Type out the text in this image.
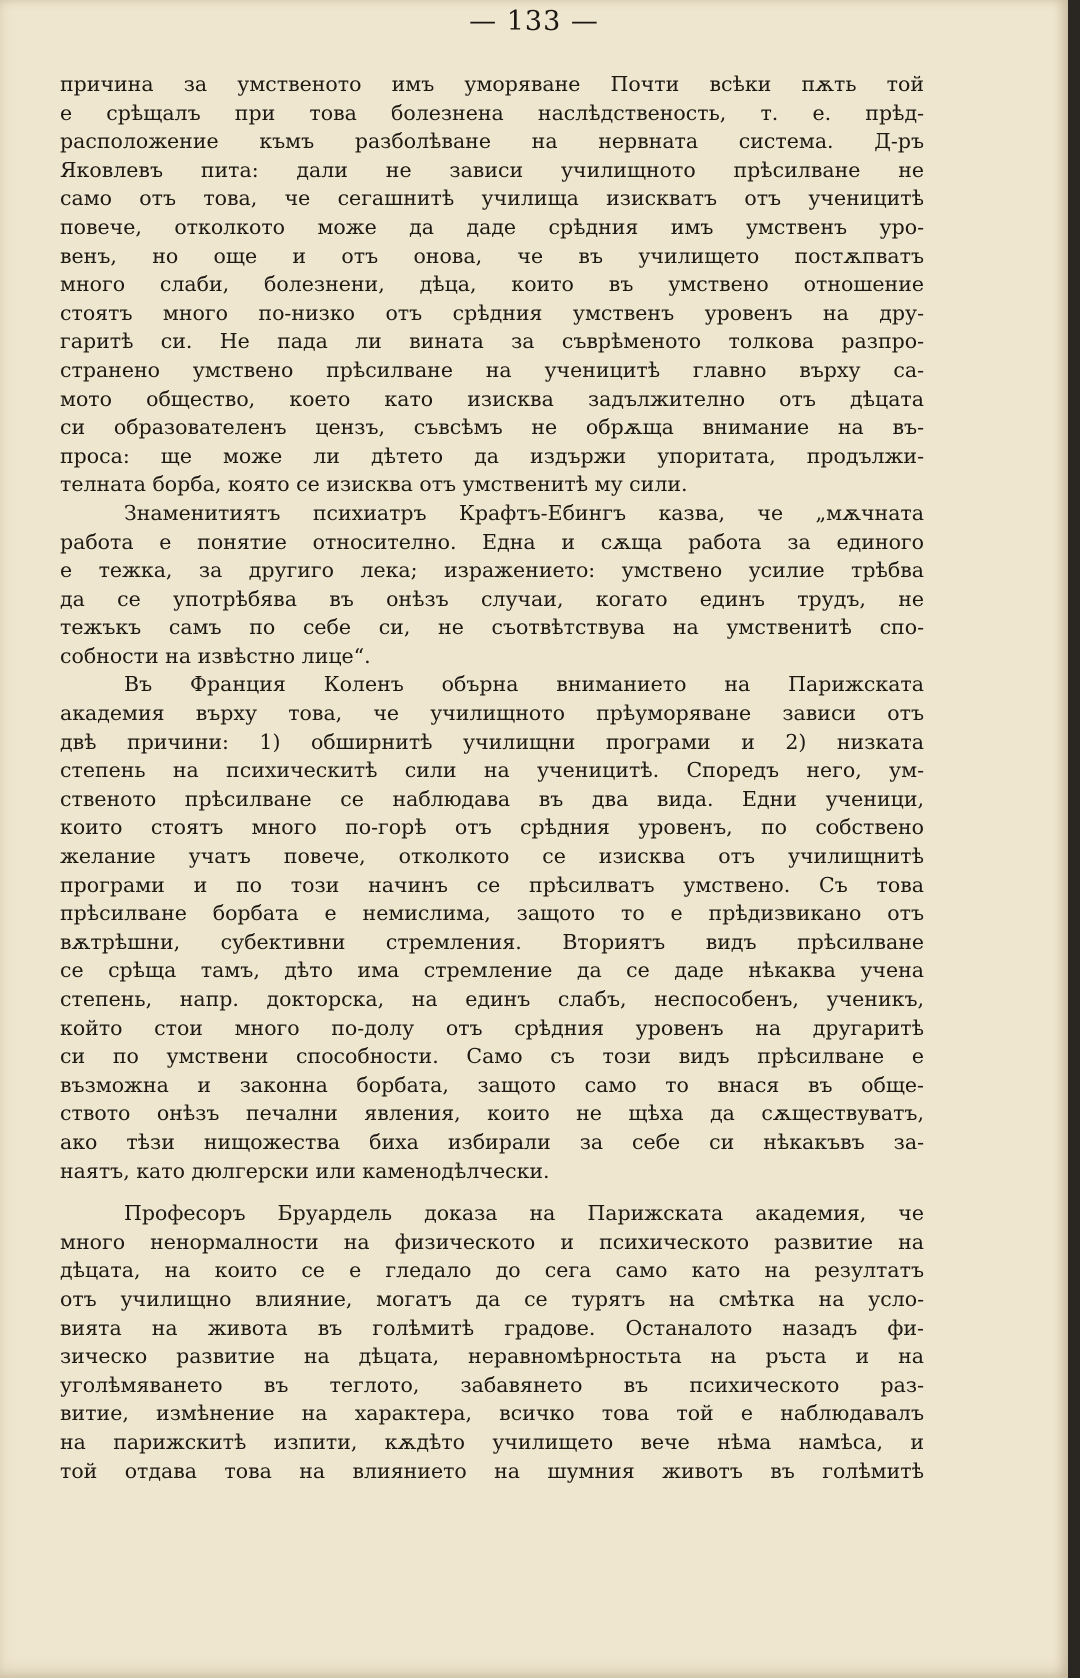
— 133 —
причина за умственото имъ уморяване Почти всѣки пѫть той
е срѣщалъ при това болезнена наслѣдственость, т. е. прѣд-
расположение къмъ разболѣване на нервната система. Д-ръ
Яковлевъ пита: дали не зависи училищното прѣсилване не
само отъ това, че сегашнитѣ училища изискватъ отъ ученицитѣ
повече, отколкото може да даде срѣдния имъ умственъ уро-
венъ, но още и отъ онова, че въ училището постѫпватъ
много слаби, болезнени, дѣца, които въ умствено отношение
стоятъ много по-низко отъ срѣдния умственъ уровенъ на дру-
гаритѣ си. Не пада ли вината за съврѣменото толкова разпро-
странено умствено прѣсилване на ученицитѣ главно върху са-
мото общество, което като изисква задължително отъ дѣцата
си образователенъ цензъ, съвсѣмъ не обрѫща внимание на въ-
проса: ще може ли дѣтето да издържи упоритата, продължи-
телната борба, която се изисква отъ умственитѣ му сили.
Знаменитиятъ психиатръ Крафтъ-Ебингъ казва, че „мѫчната
работа е понятие относително. Една и сѫща работа за единого
е тежка, за другиго лека; изражението: умствено усилие трѣбва
да се употрѣбява въ онѣзъ случаи, когато единъ трудъ, не
тежъкъ самъ по себе си, не съотвѣтствува на умственитѣ спо-
собности на извѣстно лице“.
Въ Франция Коленъ обърна вниманието на Парижската
академия върху това, че училищното прѣуморяване зависи отъ
двѣ причини: 1) обширнитѣ училищни програми и 2) низката
степень на психическитѣ сили на ученицитѣ. Споредъ него, ум-
ственото прѣсилване се наблюдава въ два вида. Едни ученици,
които стоятъ много по-горѣ отъ срѣдния уровенъ, по собствено
желание учатъ повече, отколкото се изисква отъ училищнитѣ
програми и по този начинъ се прѣсилватъ умствено. Съ това
прѣсилване борбата е немислима, защото то е прѣдизвикано отъ
вѫтрѣшни, субективни стремления. Вториятъ видъ прѣсилване
се срѣща тамъ, дѣто има стремление да се даде нѣкаква учена
степень, напр. докторска, на единъ слабъ, неспособенъ, ученикъ,
който стои много по-долу отъ срѣдния уровенъ на другаритѣ
си по умствени способности. Само съ този видъ прѣсилване е
възможна и законна борбата, защото само то внася въ обще-
ството онѣзъ печални явления, които не щѣха да сѫществуватъ,
ако тѣзи нищожества биха избирали за себе си нѣкакъвъ за-
наятъ, като дюлгерски или каменодѣлчески.
Професоръ Бруардель доказа на Парижската академия, че
много ненормалности на физическото и психическото развитие на
дѣцата, на които се е гледало до сега само като на резултатъ
отъ училищно влияние, могатъ да се турятъ на смѣтка на усло-
вията на живота въ голѣмитѣ градове. Останалото назадъ фи-
зическо развитие на дѣцата, неравномѣрностьта на ръста и на
уголѣмяването въ теглото, забавянето въ психическото раз-
витие, измѣнение на характера, всичко това той е наблюдавалъ
на парижскитѣ изпити, кѫдѣто училището вече нѣма намѣса, и
той отдава това на влиянието на шумния животъ въ голѣмитѣ
